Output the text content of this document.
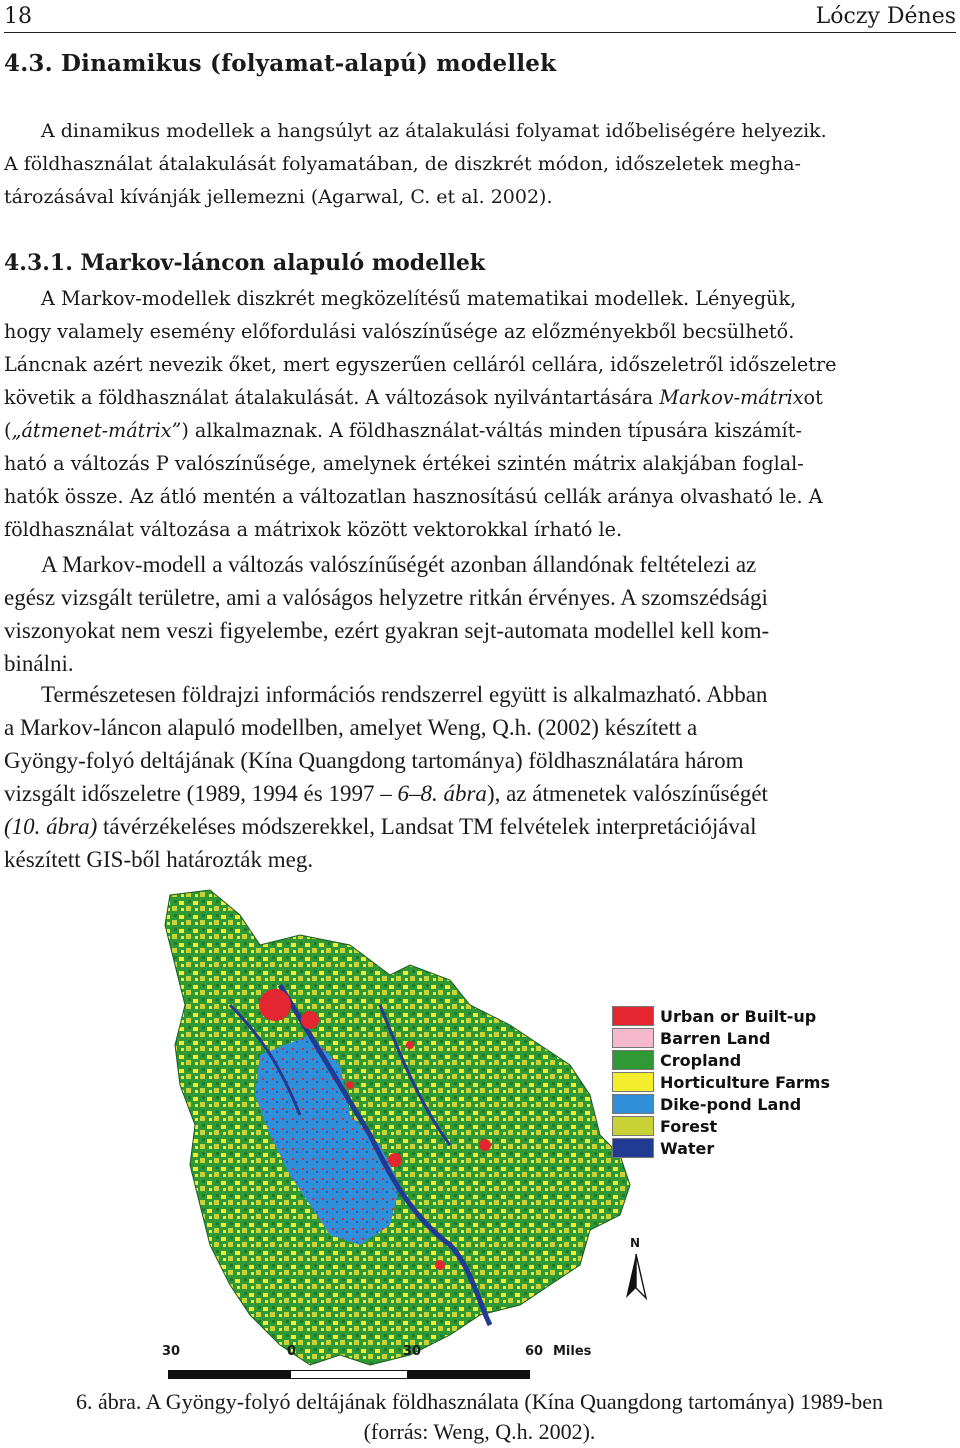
18	Lóczy Dénes
4.3. Dinamikus (folyamat-alapú) modellek
A dinamikus modellek a hangsúlyt az átalakulási folyamat időbeliségére helyezik.
A földhasználat átalakulását folyamatában, de diszkrét módon, időszeletek megha-
tározásával kívánják jellemezni (Agarwal, C. et al. 2002).
4.3.1. Markov-láncon alapuló modellek
A Markov-modellek diszkrét megközelítésű matematikai modellek. Lényegük,
hogy valamely esemény előfordulási valószínűsége az előzményekből becsülhető.
Láncnak azért nevezik őket, mert egyszerűen celláról cellára, időszeletről időszeletre
követik a földhasználat átalakulását. A változások nyilvántartására Markov-mátrixot
(„átmenet-mátrix”) alkalmaznak. A földhasználat-váltás minden típusára kiszámít-
ható a változás P valószínűsége, amelynek értékei szintén mátrix alakjában foglal-
hatók össze. Az átló mentén a változatlan hasznosítású cellák aránya olvasható le. A
földhasználat változása a mátrixok között vektorokkal írható le.
A Markov-modell a változás valószínűségét azonban állandónak feltételezi az
egész vizsgált területre, ami a valóságos helyzetre ritkán érvényes. A szomszédsági
viszonyokat nem veszi figyelembe, ezért gyakran sejt-automata modellel kell kom-
binálni.
Természetesen földrajzi információs rendszerrel együtt is alkalmazható. Abban
a Markov-láncon alapuló modellben, amelyet Weng, Q.h. (2002) készített a
Gyöngy-folyó deltájának (Kína Quangdong tartománya) földhasználatára három
vizsgált időszeletre (1989, 1994 és 1997 – 6–8. ábra), az átmenetek valószínűségét
(10. ábra) távérzékeléses módszerekkel, Landsat TM felvételek interpretációjával
készített GIS-ből határozták meg.
Urban or Built-up
Barren Land
Cropland
Horticulture Farms
Dike-pond Land
Forest
Water
N
30	0	30	60 Miles
6. ábra. A Gyöngy-folyó deltájának földhasználata (Kína Quangdong tartománya) 1989-ben
(forrás: Weng, Q.h. 2002).
